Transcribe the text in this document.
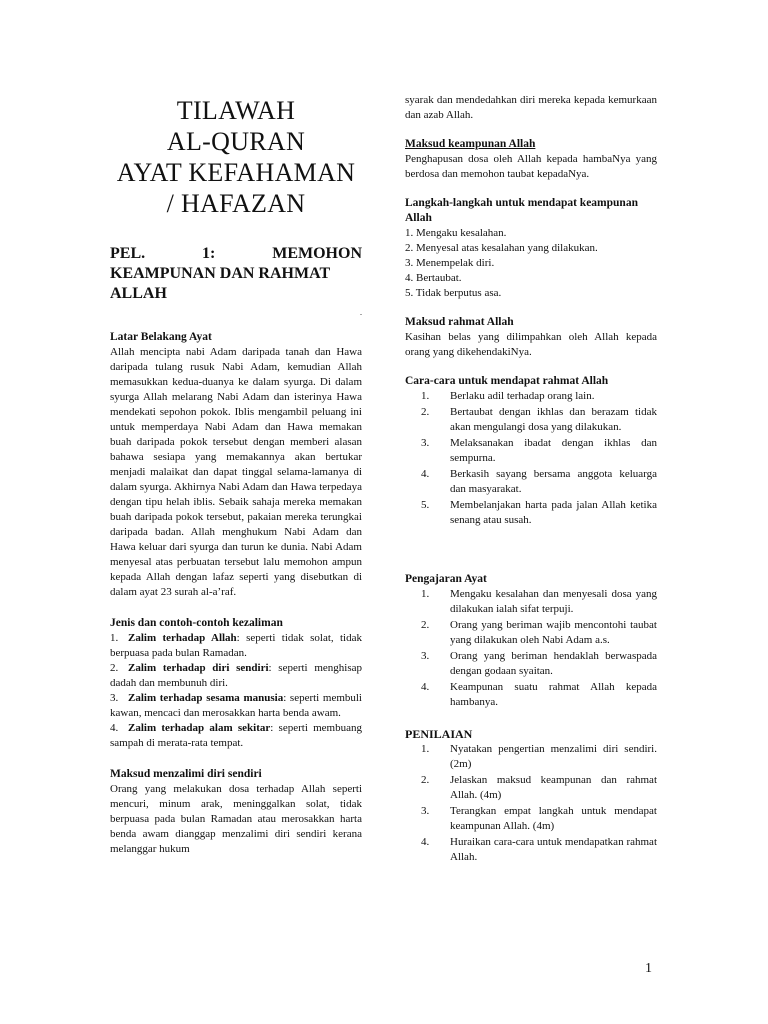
TILAWAH
AL-QURAN
AYAT KEFAHAMAN
/ HAFAZAN
PEL.	1:	MEMOHON
KEAMPUNAN DAN RAHMAT
ALLAH

.

Latar Belakang Ayat

Allah mencipta nabi Adam daripada tanah dan Hawa daripada tulang rusuk Nabi Adam, kemudian Allah memasukkan kedua-duanya ke dalam syurga. Di dalam syurga Allah melarang Nabi Adam dan isterinya Hawa mendekati sepohon pokok. Iblis mengambil peluang ini untuk memperdaya Nabi Adam dan Hawa memakan buah daripada pokok tersebut dengan memberi alasan bahawa sesiapa yang memakannya akan bertukar menjadi malaikat dan dapat tinggal selama-lamanya di dalam syurga. Akhirnya Nabi Adam dan Hawa terpedaya dengan tipu helah iblis. Sebaik sahaja mereka memakan buah daripada pokok tersebut, pakaian mereka terungkai daripada badan. Allah menghukum Nabi Adam dan Hawa keluar dari syurga dan turun ke dunia. Nabi Adam menyesal atas perbuatan tersebut lalu memohon ampun kepada Allah dengan lafaz seperti yang disebutkan di dalam ayat 23 surah al-a’raf.

Jenis dan contoh-contoh kezaliman

1. Zalim terhadap Allah: seperti tidak solat, tidak berpuasa pada bulan Ramadan.
2. Zalim terhadap diri sendiri: seperti menghisap dadah dan membunuh diri.
3. Zalim terhadap sesama manusia: seperti membuli kawan, mencaci dan merosakkan harta benda awam.
4. Zalim terhadap alam sekitar: seperti membuang sampah di merata-rata tempat.

Maksud menzalimi diri sendiri

Orang yang melakukan dosa terhadap Allah seperti mencuri, minum arak, meninggalkan solat, tidak berpuasa pada bulan Ramadan atau merosakkan harta benda awam dianggap menzalimi diri sendiri kerana melanggar hukum

syarak dan mendedahkan diri mereka kepada kemurkaan dan azab Allah.

Maksud keampunan Allah

Penghapusan dosa oleh Allah kepada hambaNya yang berdosa dan memohon taubat kepadaNya.

Langkah-langkah untuk mendapat keampunan Allah

1. Mengaku kesalahan.
2. Menyesal atas kesalahan yang dilakukan.
3. Menempelak diri.
4. Bertaubat.
5. Tidak berputus asa.

Maksud rahmat Allah

Kasihan belas yang dilimpahkan oleh Allah kepada orang yang dikehendakiNya.

Cara-cara untuk mendapat rahmat Allah

1.	Berlaku adil terhadap orang lain.
2.	Bertaubat dengan ikhlas dan berazam tidak akan mengulangi dosa yang dilakukan.
3.	Melaksanakan ibadat dengan ikhlas dan sempurna.
4.	Berkasih sayang bersama anggota keluarga dan masyarakat.
5.	Membelanjakan harta pada jalan Allah ketika senang atau susah.

Pengajaran Ayat

1.	Mengaku kesalahan dan menyesali dosa yang dilakukan ialah sifat terpuji.
2.	Orang yang beriman wajib mencontohi taubat yang dilakukan oleh Nabi Adam a.s.
3.	Orang yang beriman hendaklah berwaspada dengan godaan syaitan.
4.	Keampunan suatu rahmat Allah kepada hambanya.

PENILAIAN

1.	Nyatakan pengertian menzalimi diri sendiri. (2m)
2.	Jelaskan maksud keampunan dan rahmat Allah. (4m)
3.	Terangkan empat langkah untuk mendapat keampunan Allah. (4m)
4.	Huraikan cara-cara untuk mendapatkan rahmat Allah.
1
